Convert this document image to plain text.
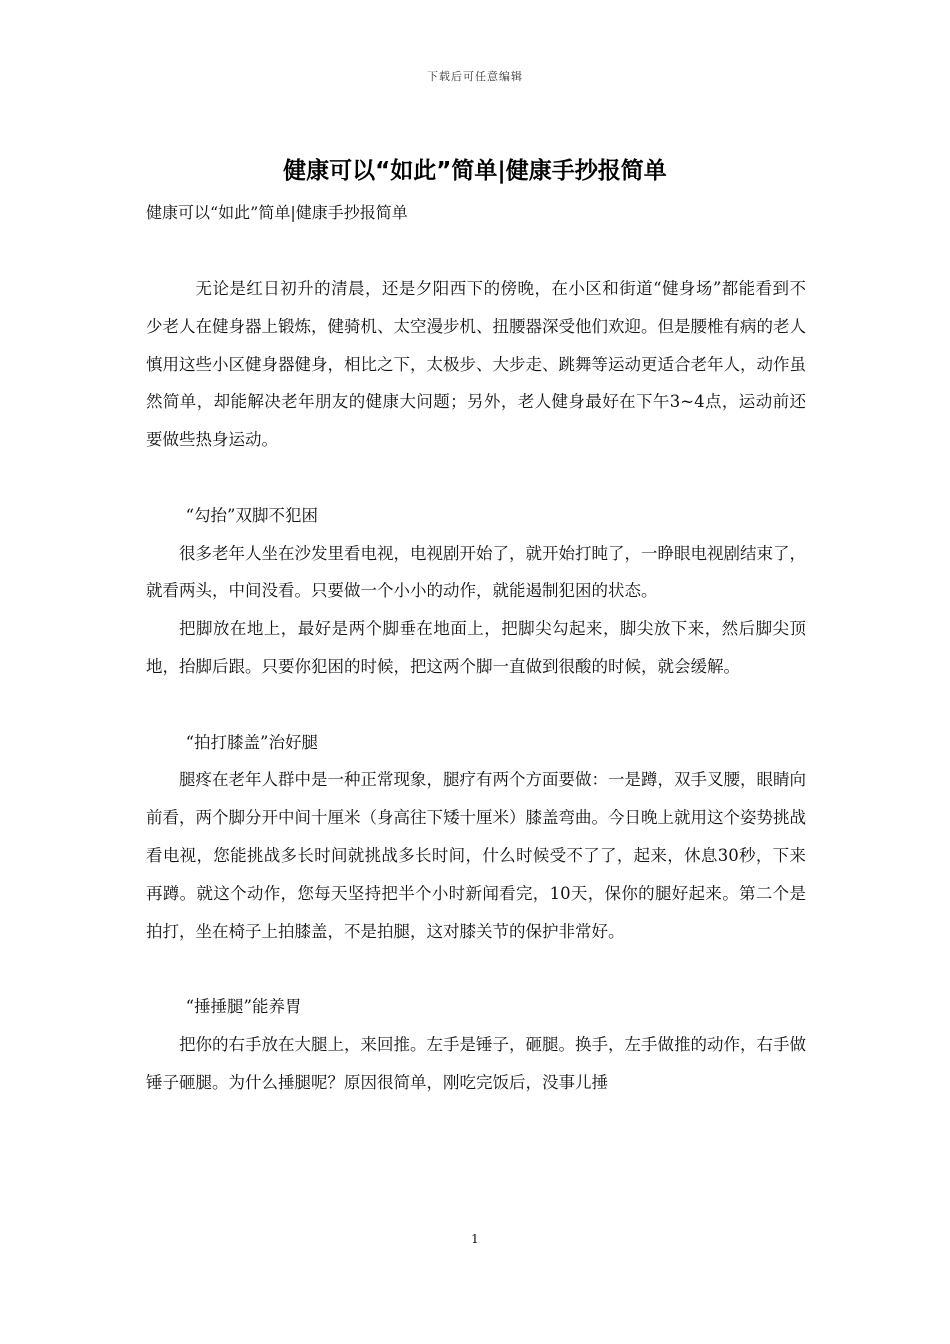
下载后可任意编辑
健康可以“如此”简单|健康手抄报简单

健康可以“如此”简单|健康手抄报简单

无论是红日初升的清晨，还是夕阳西下的傍晚，在小区和街道“健身场”都能看到不少老人在健身器上锻炼，健骑机、太空漫步机、扭腰器深受他们欢迎。但是腰椎有病的老人慎用这些小区健身器健身，相比之下，太极步、大步走、跳舞等运动更适合老年人，动作虽然简单，却能解决老年朋友的健康大问题；另外，老人健身最好在下午3~4点，运动前还要做些热身运动。

“勾抬”双脚不犯困

很多老年人坐在沙发里看电视，电视剧开始了，就开始打盹了，一睁眼电视剧结束了，就看两头，中间没看。只要做一个小小的动作，就能遏制犯困的状态。

把脚放在地上，最好是两个脚垂在地面上，把脚尖勾起来，脚尖放下来，然后脚尖顶地，抬脚后跟。只要你犯困的时候，把这两个脚一直做到很酸的时候，就会缓解。

“拍打膝盖”治好腿

腿疼在老年人群中是一种正常现象，腿疗有两个方面要做：一是蹲，双手叉腰，眼睛向前看，两个脚分开中间十厘米（身高往下矮十厘米）膝盖弯曲。今日晚上就用这个姿势挑战看电视，您能挑战多长时间就挑战多长时间，什么时候受不了了，起来，休息30秒，下来再蹲。就这个动作，您每天坚持把半个小时新闻看完，10天，保你的腿好起来。第二个是拍打，坐在椅子上拍膝盖，不是拍腿，这对膝关节的保护非常好。

“捶捶腿”能养胃

把你的右手放在大腿上，来回推。左手是锤子，砸腿。换手，左手做推的动作，右手做锤子砸腿。为什么捶腿呢？原因很简单，刚吃完饭后，没事儿捶

1
